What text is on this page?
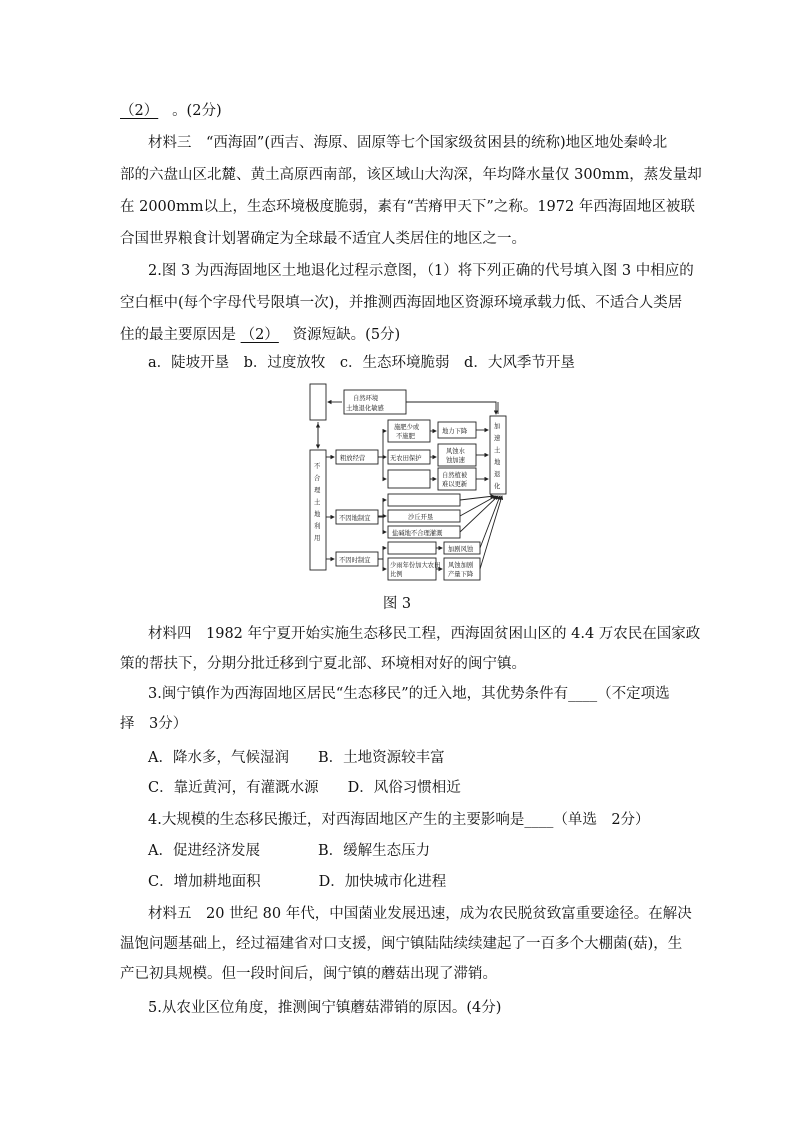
（2） 。(2分)
材料三　“西海固”(西吉、海原、固原等七个国家级贫困县的统称)地区地处秦岭北
部的六盘山区北麓、黄土高原西南部，该区域山大沟深，年均降水量仅 300mm，蒸发量却
在 2000mm以上，生态环境极度脆弱，素有“苦瘠甲天下”之称。1972 年西海固地区被联
合国世界粮食计划署确定为全球最不适宜人类居住的地区之一。
2.图 3 为西海固地区土地退化过程示意图，（1）将下列正确的代号填入图 3 中相应的
空白框中(每个字母代号限填一次)，并推测西海固地区资源环境承载力低、不适合人类居
住的最主要原因是 （2） 资源短缺。(5分)
a．陡坡开垦　b．过度放牧　c．生态环境脆弱　d．大风季节开垦
自然环境
土地退化敏感
不
合
理
土
地
利
用
加
速
土
地
退
化
粗放经营
施肥少或
不施肥
地力下降
无农田保护
风蚀水
蚀加速
自然植被
难以更新
不因地制宜	沙丘开垦
盐碱地不合理灌溉
不因时制宜
少雨年份加大农田
比例
加剧风蚀
风蚀加剧
产量下降
图 3
材料四　1982 年宁夏开始实施生态移民工程，西海固贫困山区的 4.4 万农民在国家政
策的帮扶下，分期分批迁移到宁夏北部、环境相对好的闽宁镇。
3.闽宁镇作为西海固地区居民“生态移民”的迁入地，其优势条件有____（不定项选
择　3分）
A．降水多，气候湿润　　B．土地资源较丰富
C．靠近黄河，有灌溉水源　　D．风俗习惯相近
4.大规模的生态移民搬迁，对西海固地区产生的主要影响是____（单选　2分）
A．促进经济发展　　　　B．缓解生态压力
C．增加耕地面积　　　　D．加快城市化进程
材料五　20 世纪 80 年代，中国菌业发展迅速，成为农民脱贫致富重要途径。在解决
温饱问题基础上，经过福建省对口支援，闽宁镇陆陆续续建起了一百多个大棚菌(菇)，生
产已初具规模。但一段时间后，闽宁镇的蘑菇出现了滞销。
5.从农业区位角度，推测闽宁镇蘑菇滞销的原因。(4分)
